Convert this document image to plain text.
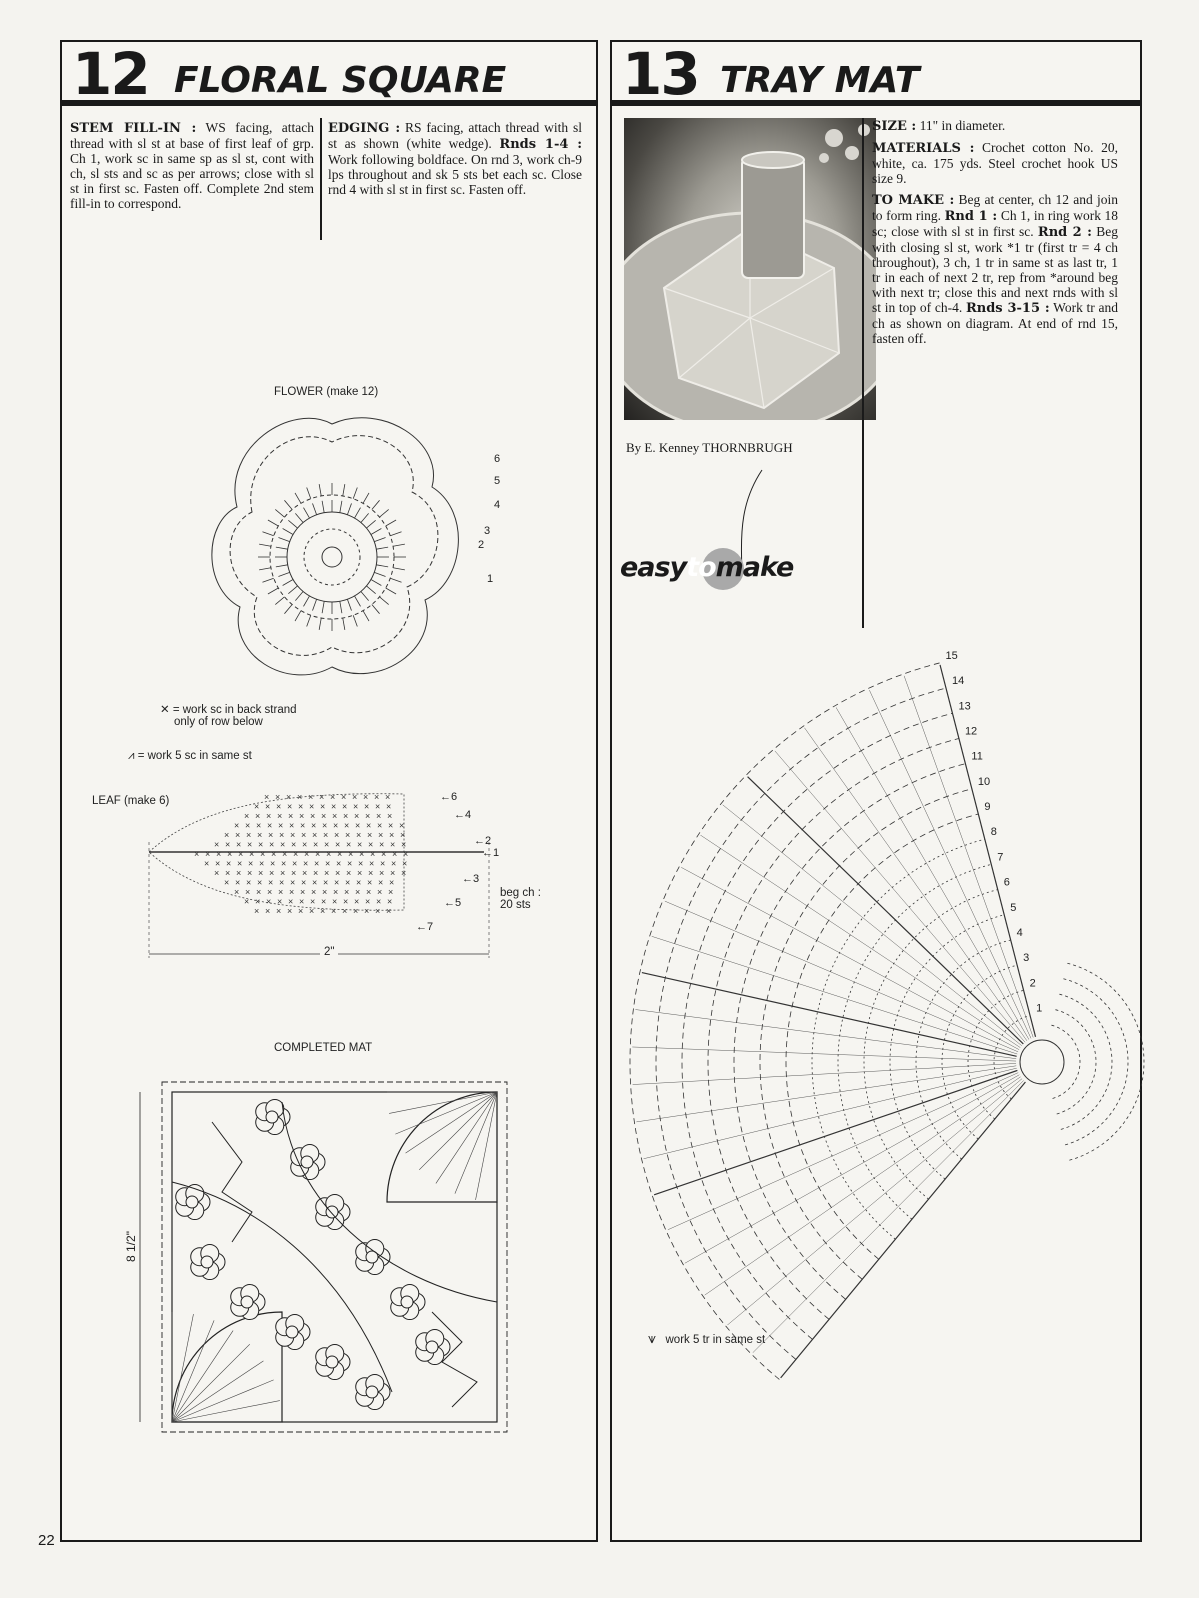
22
12 FLORAL SQUARE
STEM FILL-IN : WS facing, attach thread with sl st at base of first leaf of grp. Ch 1, work sc in same sp as sl st, cont with ch, sl sts and sc as per arrows; close with sl st in first sc. Fasten off. Complete 2nd stem fill-in to correspond.
EDGING : RS facing, attach thread with sl st as shown (white wedge). Rnds 1-4 : Work following boldface. On rnd 3, work ch-9 lps throughout and sk 5 sts bet each sc. Close rnd 4 with sl st in first sc. Fasten off.
FLOWER (make 12)
6
5
4
3
2
1
✕ = work sc in back strand
only of row below
⩘ = work 5 sc in same st
LEAF (make 6)	× × × × × × × × × × × ×
× × × × × × × × × × × × ×
× × × × × × × × × × × × × ×
× × × × × × × × × × × × × × × ×
× × × × × × × × × × × × × × × × ×
× × × × × × × × × × × × × × × × × ×
× × × × × × × × × × × × × × × × × × × ×
× × × × × × × × × × × × × × × × × × ×
× × × × × × × × × × × × × × × × × ×
× × × × × × × × × × × × × × × ×
× × × × × × × × × × × × × × ×
× × × × × × × × × × × × × ×
× × × × × × × × × × × × ×
←6
←4
←2
←1
←3
←5
←7
2"
beg ch :
20 sts
COMPLETED MAT
8 1/2"
13 TRAY MAT
By E. Kenney THORNBRUGH
easytomake

SIZE : 11" in diameter.

MATERIALS : Crochet cotton No. 20, white, ca. 175 yds. Steel crochet hook US size 9.

TO MAKE : Beg at center, ch 12 and join to form ring. Rnd 1 : Ch 1, in ring work 18 sc; close with sl st in first sc. Rnd 2 : Beg with closing sl st, work *1 tr (first tr = 4 ch throughout), 3 ch, 1 tr in same st as last tr, 1 tr in each of next 2 tr, rep from *around beg with next tr; close this and next rnds with sl st in top of ch-4. Rnds 3-15 : Work tr and ch as shown on diagram. At end of rnd 15, fasten off.

15
14
13
12
11
10
9
8
7
6
5
4
3
2
1
⩛ work 5 tr in same st
